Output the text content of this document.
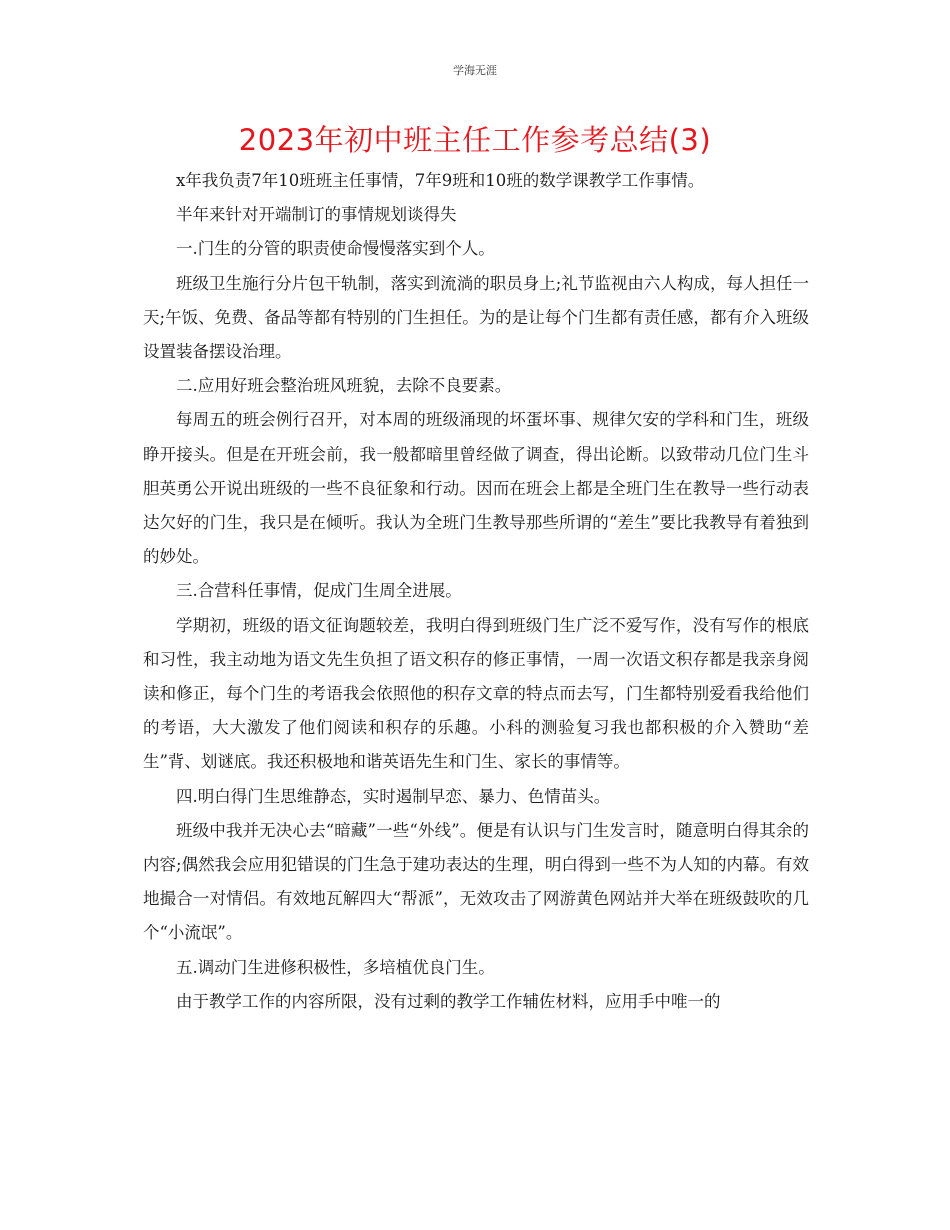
学海无涯
2023年初中班主任工作参考总结(3)

x年我负责7年10班班主任事情，7年9班和10班的数学课教学工作事情。

半年来针对开端制订的事情规划谈得失

一.门生的分管的职责使命慢慢落实到个人。

班级卫生施行分片包干轨制，落实到流淌的职员身上;礼节监视由六人构成，每人担任一天;午饭、免费、备品等都有特别的门生担任。为的是让每个门生都有责任感，都有介入班级设置装备摆设治理。

二.应用好班会整治班风班貌，去除不良要素。

每周五的班会例行召开，对本周的班级涌现的坏蛋坏事、规律欠安的学科和门生，班级睁开接头。但是在开班会前，我一般都暗里曾经做了调查，得出论断。以致带动几位门生斗胆英勇公开说出班级的一些不良征象和行动。因而在班会上都是全班门生在教导一些行动表达欠好的门生，我只是在倾听。我认为全班门生教导那些所谓的“差生”要比我教导有着独到的妙处。

三.合营科任事情，促成门生周全进展。

学期初，班级的语文征询题较差，我明白得到班级门生广泛不爱写作，没有写作的根底和习性，我主动地为语文先生负担了语文积存的修正事情，一周一次语文积存都是我亲身阅读和修正，每个门生的考语我会依照他的积存文章的特点而去写，门生都特别爱看我给他们的考语，大大激发了他们阅读和积存的乐趣。小科的测验复习我也都积极的介入赞助“差生”背、划谜底。我还积极地和谐英语先生和门生、家长的事情等。

四.明白得门生思维静态，实时遏制早恋、暴力、色情苗头。

班级中我并无决心去“暗藏”一些“外线”。便是有认识与门生发言时，随意明白得其余的内容;偶然我会应用犯错误的门生急于建功表达的生理，明白得到一些不为人知的内幕。有效地撮合一对情侣。有效地瓦解四大“帮派”，无效攻击了网游黄色网站并大举在班级鼓吹的几个“小流氓”。

五.调动门生进修积极性，多培植优良门生。

由于教学工作的内容所限，没有过剩的教学工作辅佐材料，应用手中唯一的
